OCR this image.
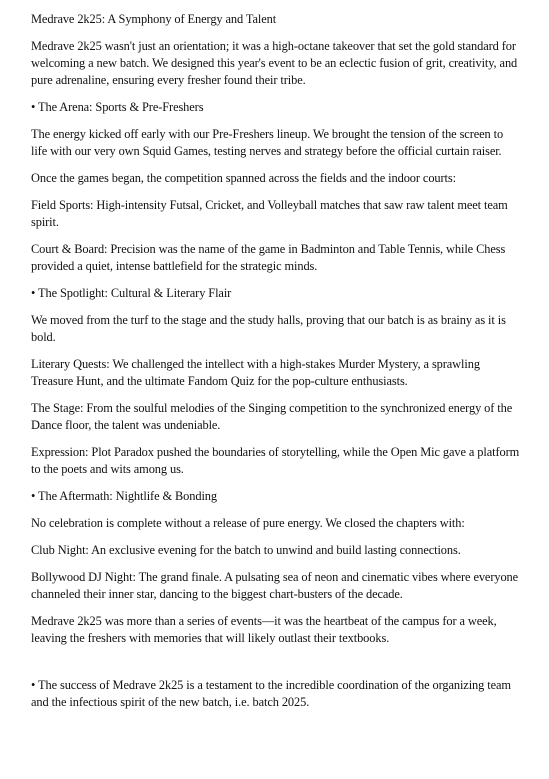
Medrave 2k25: A Symphony of Energy and Talent

Medrave 2k25 wasn't just an orientation; it was a high-octane takeover that set the gold standard for welcoming a new batch. We designed this year's event to be an eclectic fusion of grit, creativity, and pure adrenaline, ensuring every fresher found their tribe.

• The Arena: Sports & Pre-Freshers

The energy kicked off early with our Pre-Freshers lineup. We brought the tension of the screen to life with our very own Squid Games, testing nerves and strategy before the official curtain raiser.

Once the games began, the competition spanned across the fields and the indoor courts:

Field Sports: High-intensity Futsal, Cricket, and Volleyball matches that saw raw talent meet team spirit.

Court & Board: Precision was the name of the game in Badminton and Table Tennis, while Chess provided a quiet, intense battlefield for the strategic minds.

• The Spotlight: Cultural & Literary Flair

We moved from the turf to the stage and the study halls, proving that our batch is as brainy as it is bold.

Literary Quests: We challenged the intellect with a high-stakes Murder Mystery, a sprawling Treasure Hunt, and the ultimate Fandom Quiz for the pop-culture enthusiasts.

The Stage: From the soulful melodies of the Singing competition to the synchronized energy of the Dance floor, the talent was undeniable.

Expression: Plot Paradox pushed the boundaries of storytelling, while the Open Mic gave a platform to the poets and wits among us.

• The Aftermath: Nightlife & Bonding

No celebration is complete without a release of pure energy. We closed the chapters with:

Club Night: An exclusive evening for the batch to unwind and build lasting connections.

Bollywood DJ Night: The grand finale. A pulsating sea of neon and cinematic vibes where everyone channeled their inner star, dancing to the biggest chart-busters of the decade.

Medrave 2k25 was more than a series of events—it was the heartbeat of the campus for a week, leaving the freshers with memories that will likely outlast their textbooks.

• The success of Medrave 2k25 is a testament to the incredible coordination of the organizing team and the infectious spirit of the new batch, i.e. batch 2025.
